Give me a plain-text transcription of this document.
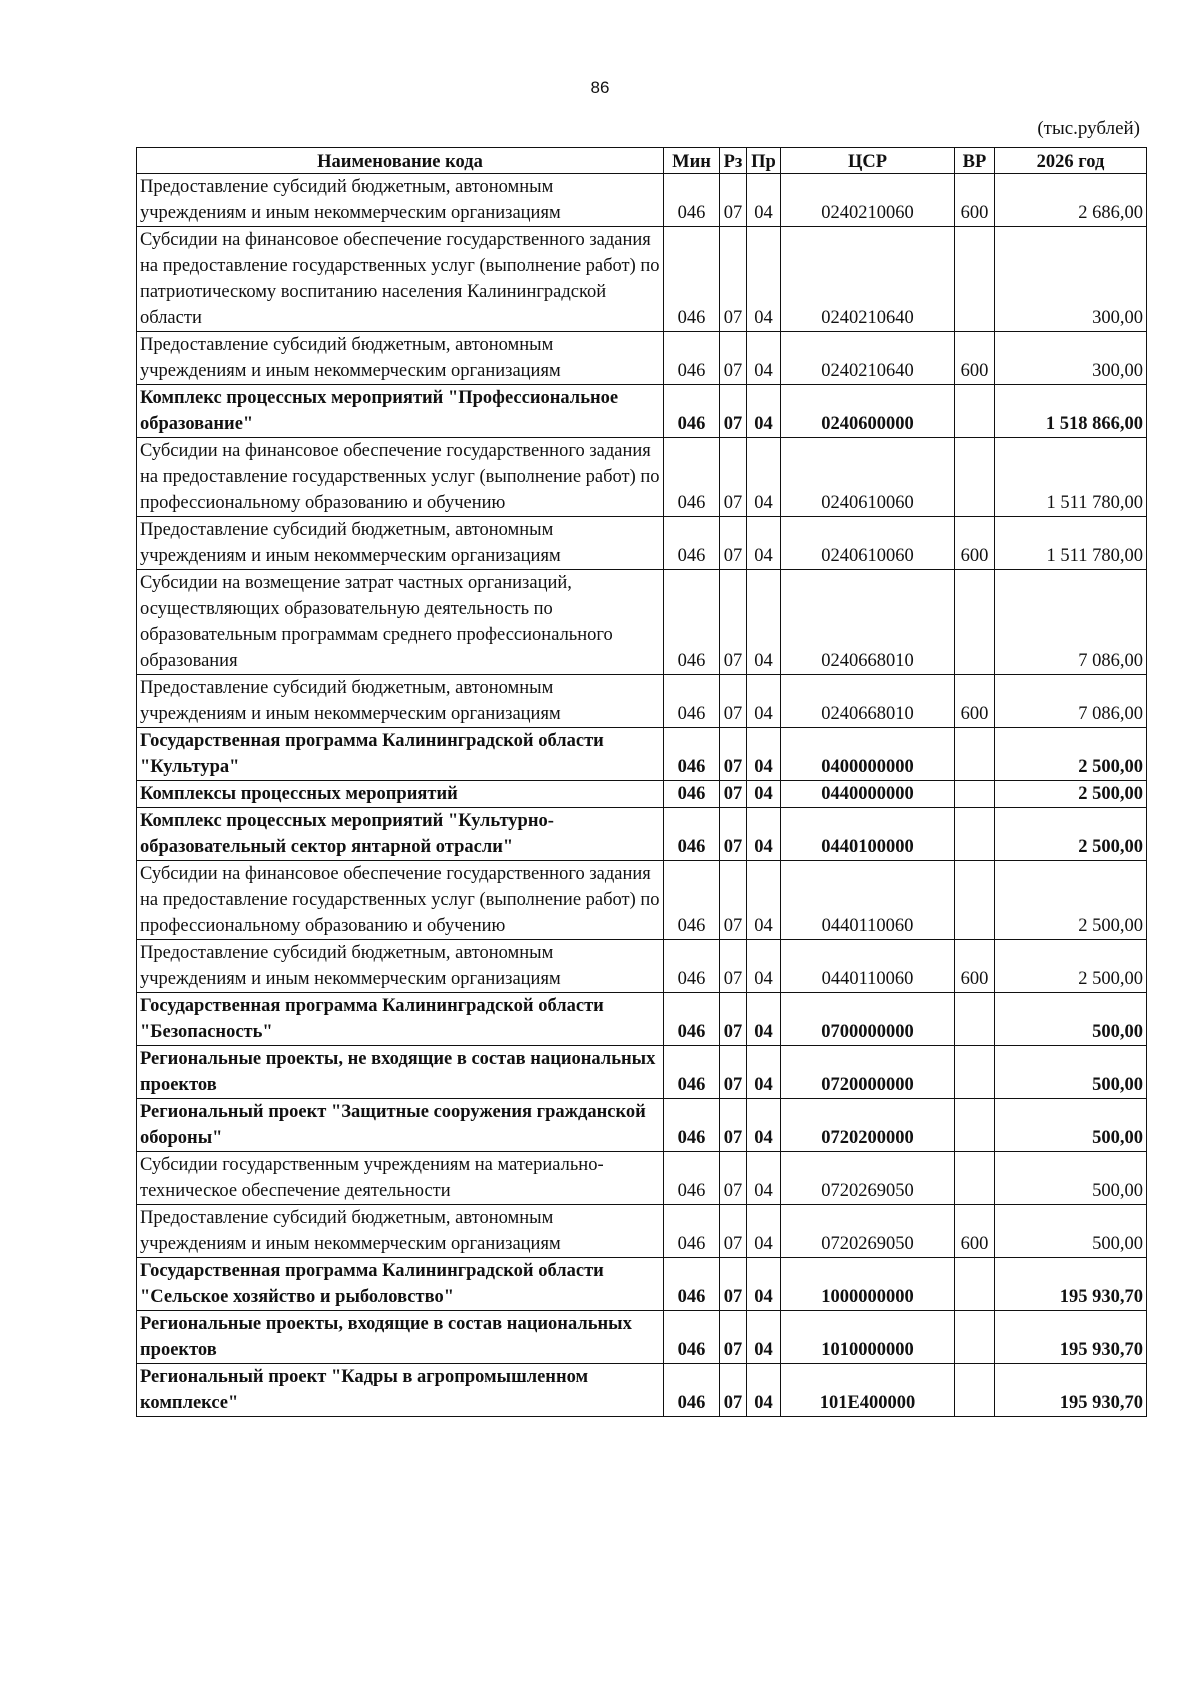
86
(тыс.рублей)
Наименование кода	Мин	Рз	Пр	ЦСР	ВР	2026 год
Предоставление субсидий бюджетным, автономным учреждениям и иным некоммерческим организациям	046	07	04	0240210060	600	2 686,00
Субсидии на финансовое обеспечение государственного задания на предоставление государственных услуг (выполнение работ) по патриотическому воспитанию населения Калининградской области	046	07	04	0240210640		300,00
Предоставление субсидий бюджетным, автономным учреждениям и иным некоммерческим организациям	046	07	04	0240210640	600	300,00
Комплекс процессных мероприятий "Профессиональное образование"	046	07	04	0240600000		1 518 866,00
Субсидии на финансовое обеспечение государственного задания на предоставление государственных услуг (выполнение работ) по профессиональному образованию и обучению	046	07	04	0240610060		1 511 780,00
Предоставление субсидий бюджетным, автономным учреждениям и иным некоммерческим организациям	046	07	04	0240610060	600	1 511 780,00
Субсидии на возмещение затрат частных организаций, осуществляющих образовательную деятельность по образовательным программам среднего профессионального образования	046	07	04	0240668010		7 086,00
Предоставление субсидий бюджетным, автономным учреждениям и иным некоммерческим организациям	046	07	04	0240668010	600	7 086,00
Государственная программа Калининградской области "Культура"	046	07	04	0400000000		2 500,00
Комплексы процессных мероприятий	046	07	04	0440000000		2 500,00
Комплекс процессных мероприятий "Культурно-образовательный сектор янтарной отрасли"	046	07	04	0440100000		2 500,00
Субсидии на финансовое обеспечение государственного задания на предоставление государственных услуг (выполнение работ) по профессиональному образованию и обучению	046	07	04	0440110060		2 500,00
Предоставление субсидий бюджетным, автономным учреждениям и иным некоммерческим организациям	046	07	04	0440110060	600	2 500,00
Государственная программа Калининградской области "Безопасность"	046	07	04	0700000000		500,00
Региональные проекты, не входящие в состав национальных проектов	046	07	04	0720000000		500,00
Региональный проект "Защитные сооружения гражданской обороны"	046	07	04	0720200000		500,00
Субсидии государственным учреждениям на материально-техническое обеспечение деятельности	046	07	04	0720269050		500,00
Предоставление субсидий бюджетным, автономным учреждениям и иным некоммерческим организациям	046	07	04	0720269050	600	500,00
Государственная программа Калининградской области "Сельское хозяйство и рыболовство"	046	07	04	1000000000		195 930,70
Региональные проекты, входящие в состав национальных проектов	046	07	04	1010000000		195 930,70
Региональный проект "Кадры в агропромышленном комплексе"	046	07	04	101E400000		195 930,70
